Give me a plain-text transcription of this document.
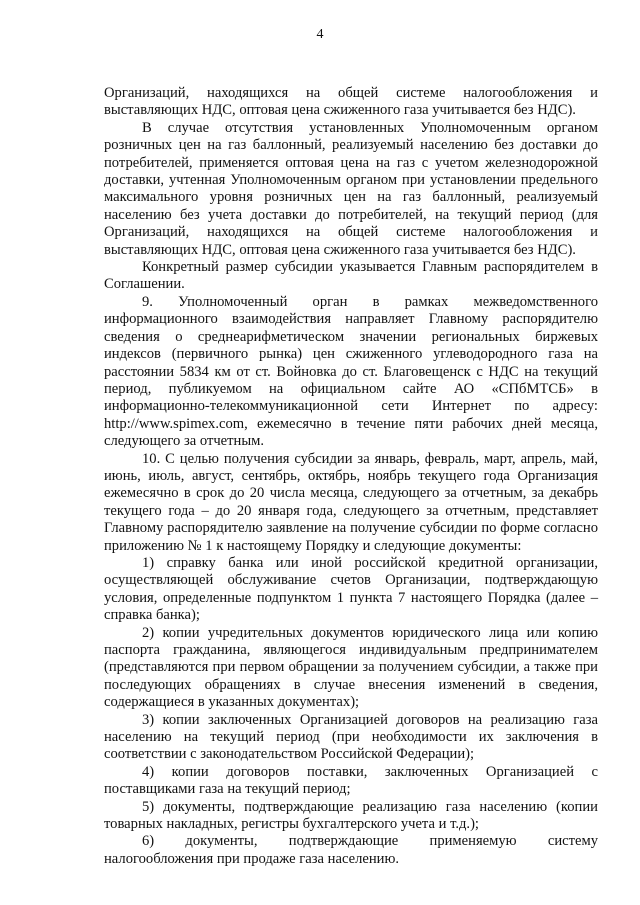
4

Организаций, находящихся на общей системе налогообложения и выставляющих НДС, оптовая цена сжиженного газа учитывается без НДС).

В случае отсутствия установленных Уполномоченным органом розничных цен на газ баллонный, реализуемый населению без доставки до потребителей, применяется оптовая цена на газ с учетом железнодорожной доставки, учтенная Уполномоченным органом при установлении предельного максимального уровня розничных цен на газ баллонный, реализуемый населению без учета доставки до потребителей, на текущий период (для Организаций, находящихся на общей системе налогообложения и выставляющих НДС, оптовая цена сжиженного газа учитывается без НДС).

Конкретный размер субсидии указывается Главным распорядителем в Соглашении.

9. Уполномоченный орган в рамках межведомственного информационного взаимодействия направляет Главному распорядителю сведения о среднеарифметическом значении региональных биржевых индексов (первичного рынка) цен сжиженного углеводородного газа на расстоянии 5834 км от ст. Войновка до ст. Благовещенск с НДС на текущий период, публикуемом на официальном сайте АО «СПбМТСБ» в информационно-телекоммуникационной сети Интернет по адресу: http://www.spimex.com, ежемесячно в течение пяти рабочих дней месяца, следующего за отчетным.

10. С целью получения субсидии за январь, февраль, март, апрель, май, июнь, июль, август, сентябрь, октябрь, ноябрь текущего года Организация ежемесячно в срок до 20 числа месяца, следующего за отчетным, за декабрь текущего года – до 20 января года, следующего за отчетным, представляет Главному распорядителю заявление на получение субсидии по форме согласно приложению № 1 к настоящему Порядку и следующие документы:

1) справку банка или иной российской кредитной организации, осуществляющей обслуживание счетов Организации, подтверждающую условия, определенные подпунктом 1 пункта 7 настоящего Порядка (далее – справка банка);

2) копии учредительных документов юридического лица или копию паспорта гражданина, являющегося индивидуальным предпринимателем (представляются при первом обращении за получением субсидии, а также при последующих обращениях в случае внесения изменений в сведения, содержащиеся в указанных документах);

3) копии заключенных Организацией договоров на реализацию газа населению на текущий период (при необходимости их заключения в соответствии с законодательством Российской Федерации);

4) копии договоров поставки, заключенных Организацией с поставщиками газа на текущий период;

5) документы, подтверждающие реализацию газа населению (копии товарных накладных, регистры бухгалтерского учета и т.д.);

6) документы, подтверждающие применяемую систему налогообложения при продаже газа населению.
